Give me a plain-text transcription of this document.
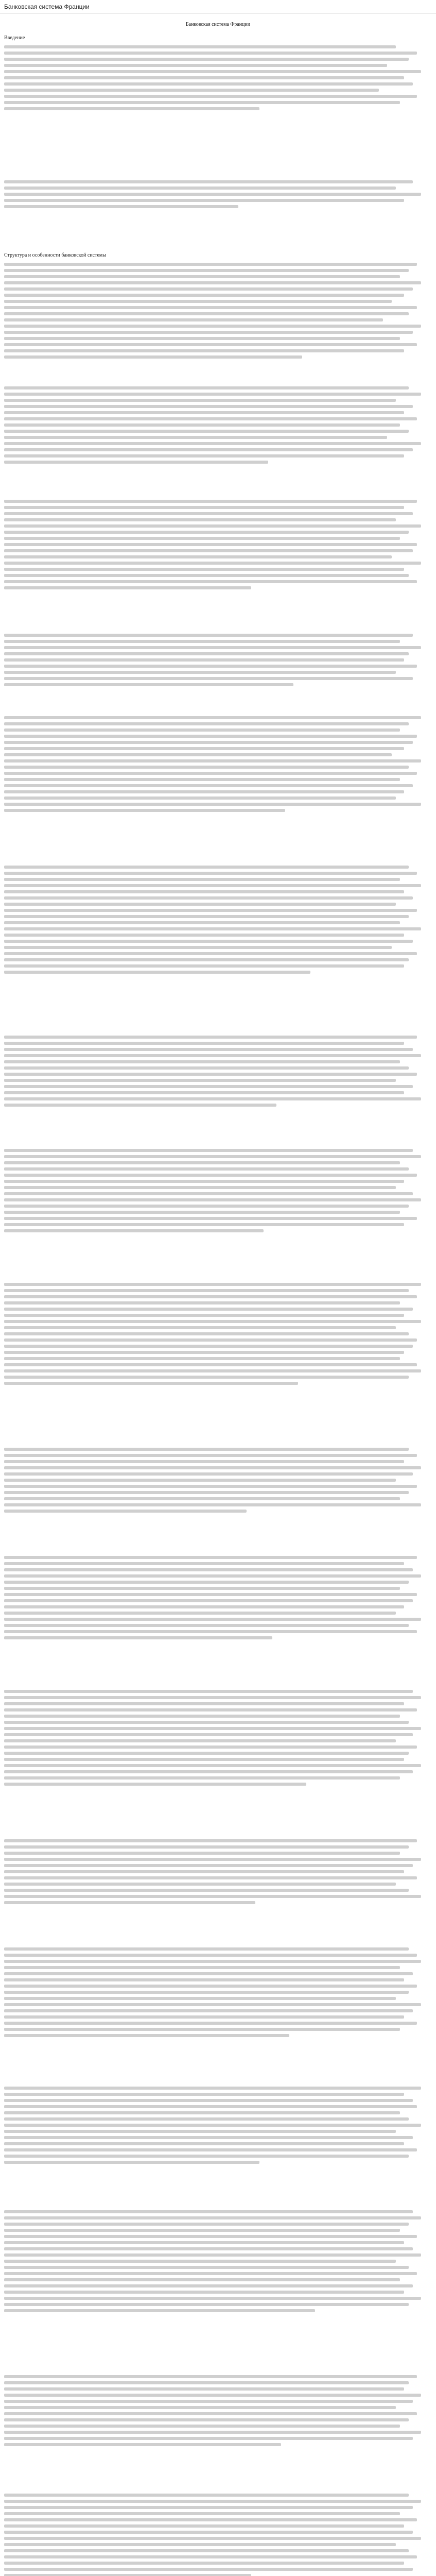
Банковская система Франции
Банковская система Франции
Введение
Структура и особенности банковской системы
